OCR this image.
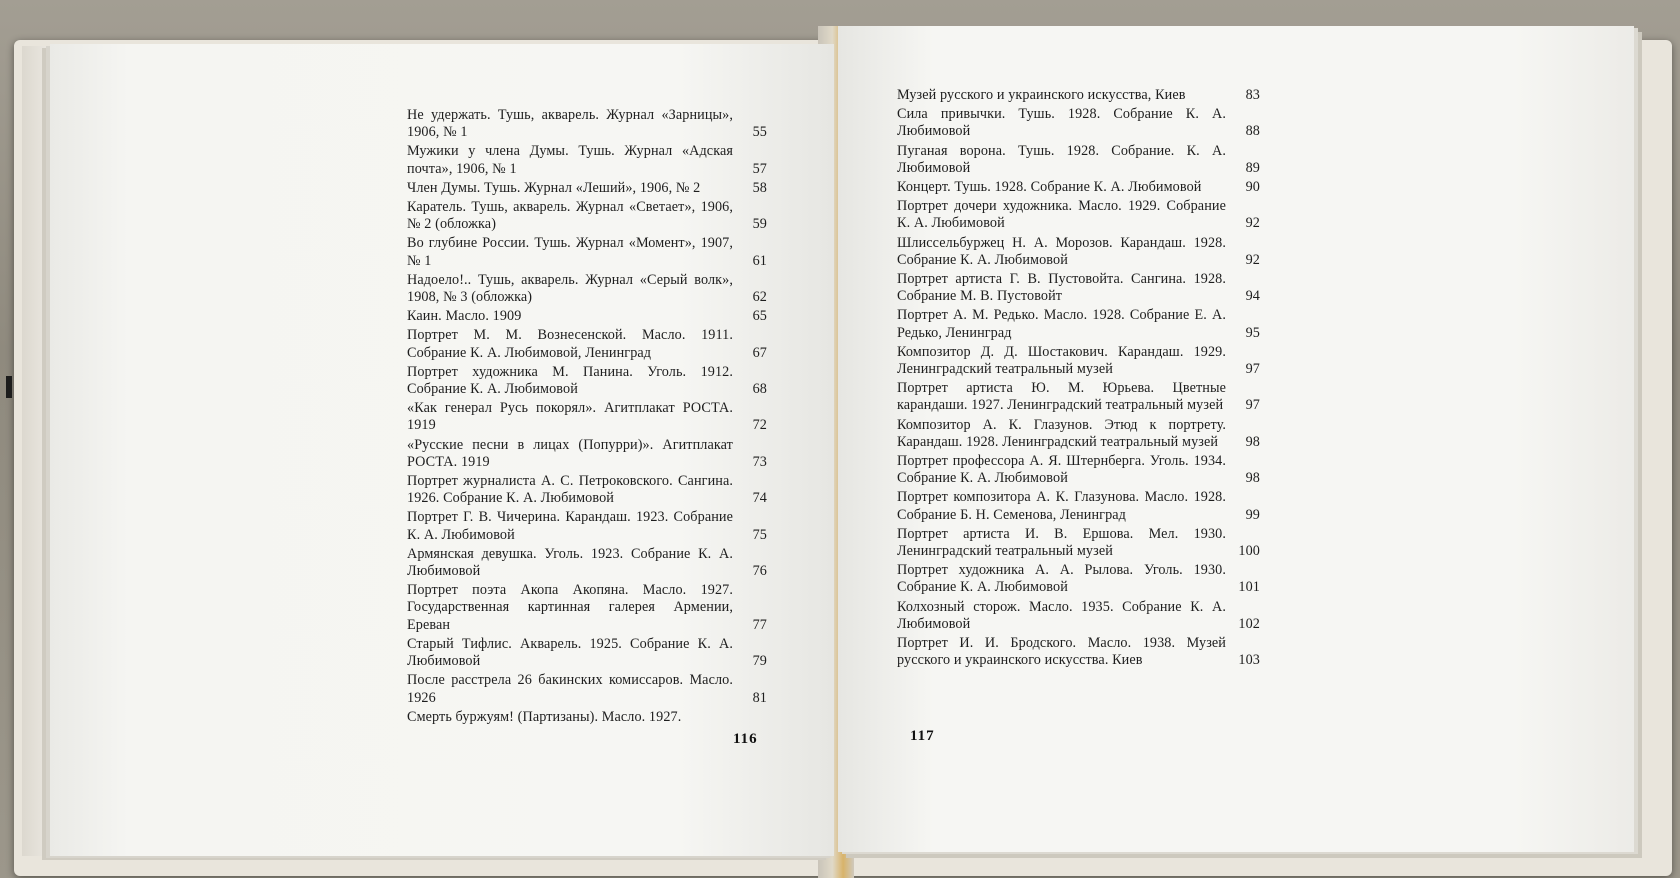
Не удержать. Тушь, акварель. Журнал «Зарницы», 1906, № 1	55
Мужики у члена Думы. Тушь. Журнал «Адская почта», 1906, № 1	57
Член Думы. Тушь. Журнал «Леший», 1906, № 2	58
Каратель. Тушь, акварель. Журнал «Светает», 1906, № 2 (обложка)	59
Во глубине России. Тушь. Журнал «Момент», 1907, № 1	61
Надоело!.. Тушь, акварель. Журнал «Серый волк», 1908, № 3 (обложка)	62
Каин. Масло. 1909	65
Портрет М. М. Вознесенской. Масло. 1911. Собрание К. А. Любимовой, Ленинград	67
Портрет художника М. Панина. Уголь. 1912. Собрание К. А. Любимовой	68
«Как генерал Русь покорял». Агитплакат РОСТА. 1919	72
«Русские песни в лицах (Попурри)». Агитплакат РОСТА. 1919	73
Портрет журналиста А. С. Петроковского. Сангина. 1926. Собрание К. А. Любимовой	74
Портрет Г. В. Чичерина. Карандаш. 1923. Собрание К. А. Любимовой	75
Армянская девушка. Уголь. 1923. Собрание К. А. Любимовой	76
Портрет поэта Акопа Акопяна. Масло. 1927. Государственная картинная галерея Армении, Ереван	77
Старый Тифлис. Акварель. 1925. Собрание К. А. Любимовой	79
После расстрела 26 бакинских комиссаров. Масло. 1926	81
Смерть буржуям! (Партизаны). Масло. 1927.
Музей русского и украинского искусства, Киев	83
Сила привычки. Тушь. 1928. Собрание К. А. Любимовой	88
Пуганая ворона. Тушь. 1928. Собрание. К. А. Любимовой	89
Концерт. Тушь. 1928. Собрание К. А. Любимовой	90
Портрет дочери художника. Масло. 1929. Собрание К. А. Любимовой	92
Шлиссельбуржец Н. А. Морозов. Карандаш. 1928. Собрание К. А. Любимовой	92
Портрет артиста Г. В. Пустовойта. Сангина. 1928. Собрание М. В. Пустовойт	94
Портрет А. М. Редько. Масло. 1928. Собрание Е. А. Редько, Ленинград	95
Композитор Д. Д. Шостакович. Карандаш. 1929. Ленинградский театральный музей	97
Портрет артиста Ю. М. Юрьева. Цветные карандаши. 1927. Ленинградский театральный музей	97
Композитор А. К. Глазунов. Этюд к портрету. Карандаш. 1928. Ленинградский театральный музей	98
Портрет профессора А. Я. Штернберга. Уголь. 1934. Собрание К. А. Любимовой	98
Портрет композитора А. К. Глазунова. Масло. 1928. Собрание Б. Н. Семенова, Ленинград	99
Портрет артиста И. В. Ершова. Мел. 1930. Ленинградский театральный музей	100
Портрет художника А. А. Рылова. Уголь. 1930. Собрание К. А. Любимовой	101
Колхозный сторож. Масло. 1935. Собрание К. А. Любимовой	102
Портрет И. И. Бродского. Масло. 1938. Музей русского и украинского искусства. Киев	103
116	117
